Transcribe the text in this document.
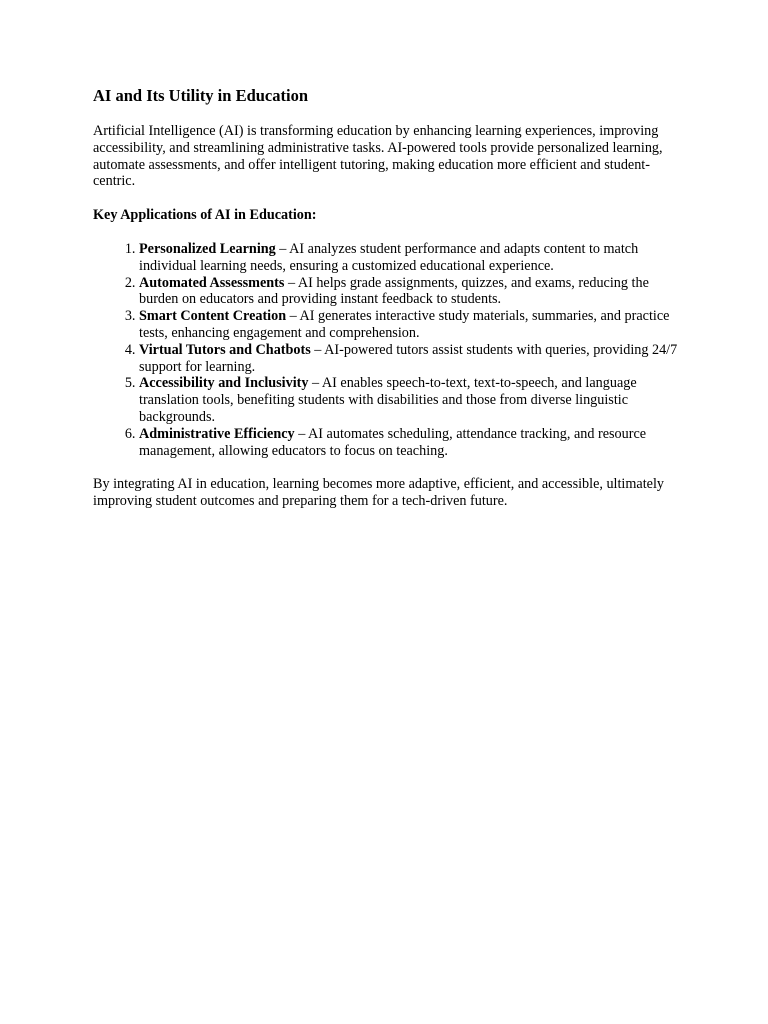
AI and Its Utility in Education

Artificial Intelligence (AI) is transforming education by enhancing learning experiences, improving accessibility, and streamlining administrative tasks. AI-powered tools provide personalized learning, automate assessments, and offer intelligent tutoring, making education more efficient and student-centric.

Key Applications of AI in Education:

1. Personalized Learning – AI analyzes student performance and adapts content to match individual learning needs, ensuring a customized educational experience.
2. Automated Assessments – AI helps grade assignments, quizzes, and exams, reducing the burden on educators and providing instant feedback to students.
3. Smart Content Creation – AI generates interactive study materials, summaries, and practice tests, enhancing engagement and comprehension.
4. Virtual Tutors and Chatbots – AI-powered tutors assist students with queries, providing 24/7 support for learning.
5. Accessibility and Inclusivity – AI enables speech-to-text, text-to-speech, and language translation tools, benefiting students with disabilities and those from diverse linguistic backgrounds.
6. Administrative Efficiency – AI automates scheduling, attendance tracking, and resource management, allowing educators to focus on teaching.

By integrating AI in education, learning becomes more adaptive, efficient, and accessible, ultimately improving student outcomes and preparing them for a tech-driven future.
